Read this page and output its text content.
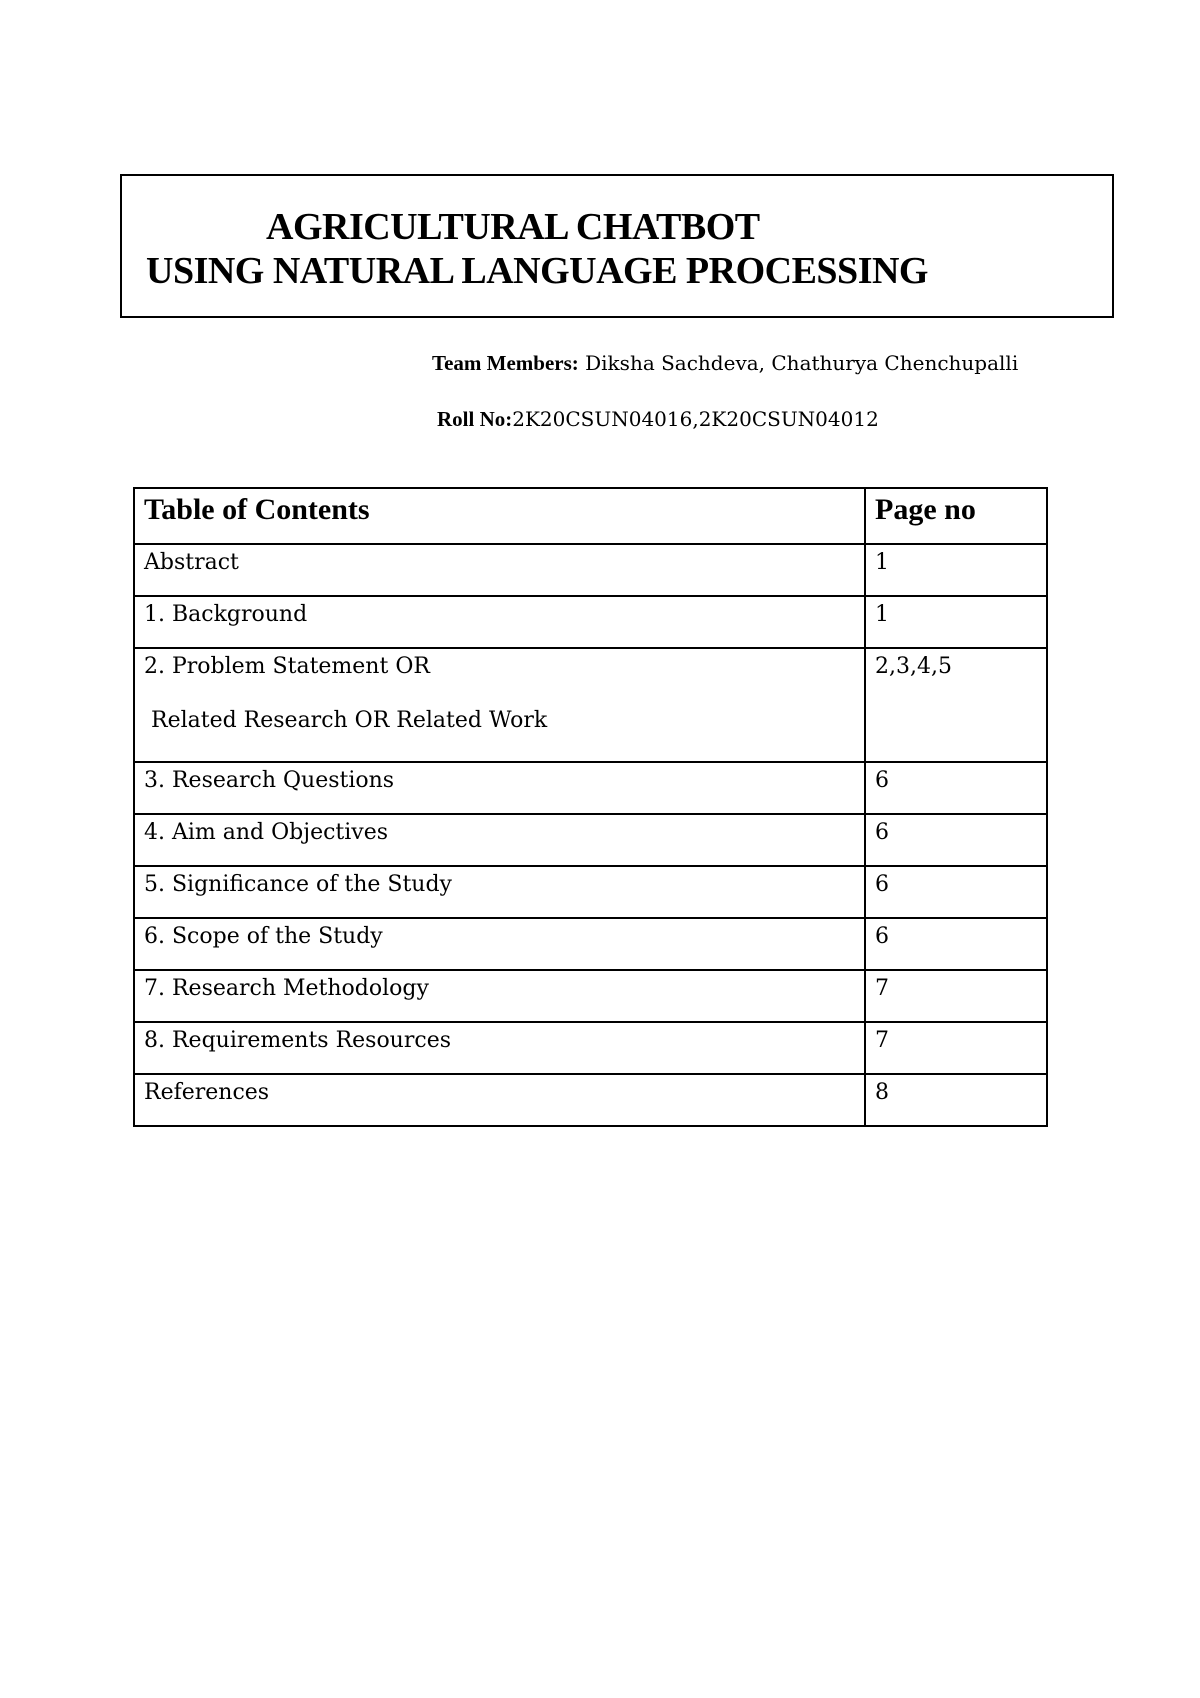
AGRICULTURAL CHATBOT
USING NATURAL LANGUAGE PROCESSING
Team Members: Diksha Sachdeva, Chathurya Chenchupalli
Roll No:2K20CSUN04016,2K20CSUN04012
Table of Contents	Page no
Abstract	1
1. Background	1
2. Problem Statement OR
Related Research OR Related Work	2,3,4,5
3. Research Questions	6
4. Aim and Objectives	6
5. Significance of the Study	6
6. Scope of the Study	6
7. Research Methodology	7
8. Requirements Resources	7
References	8
